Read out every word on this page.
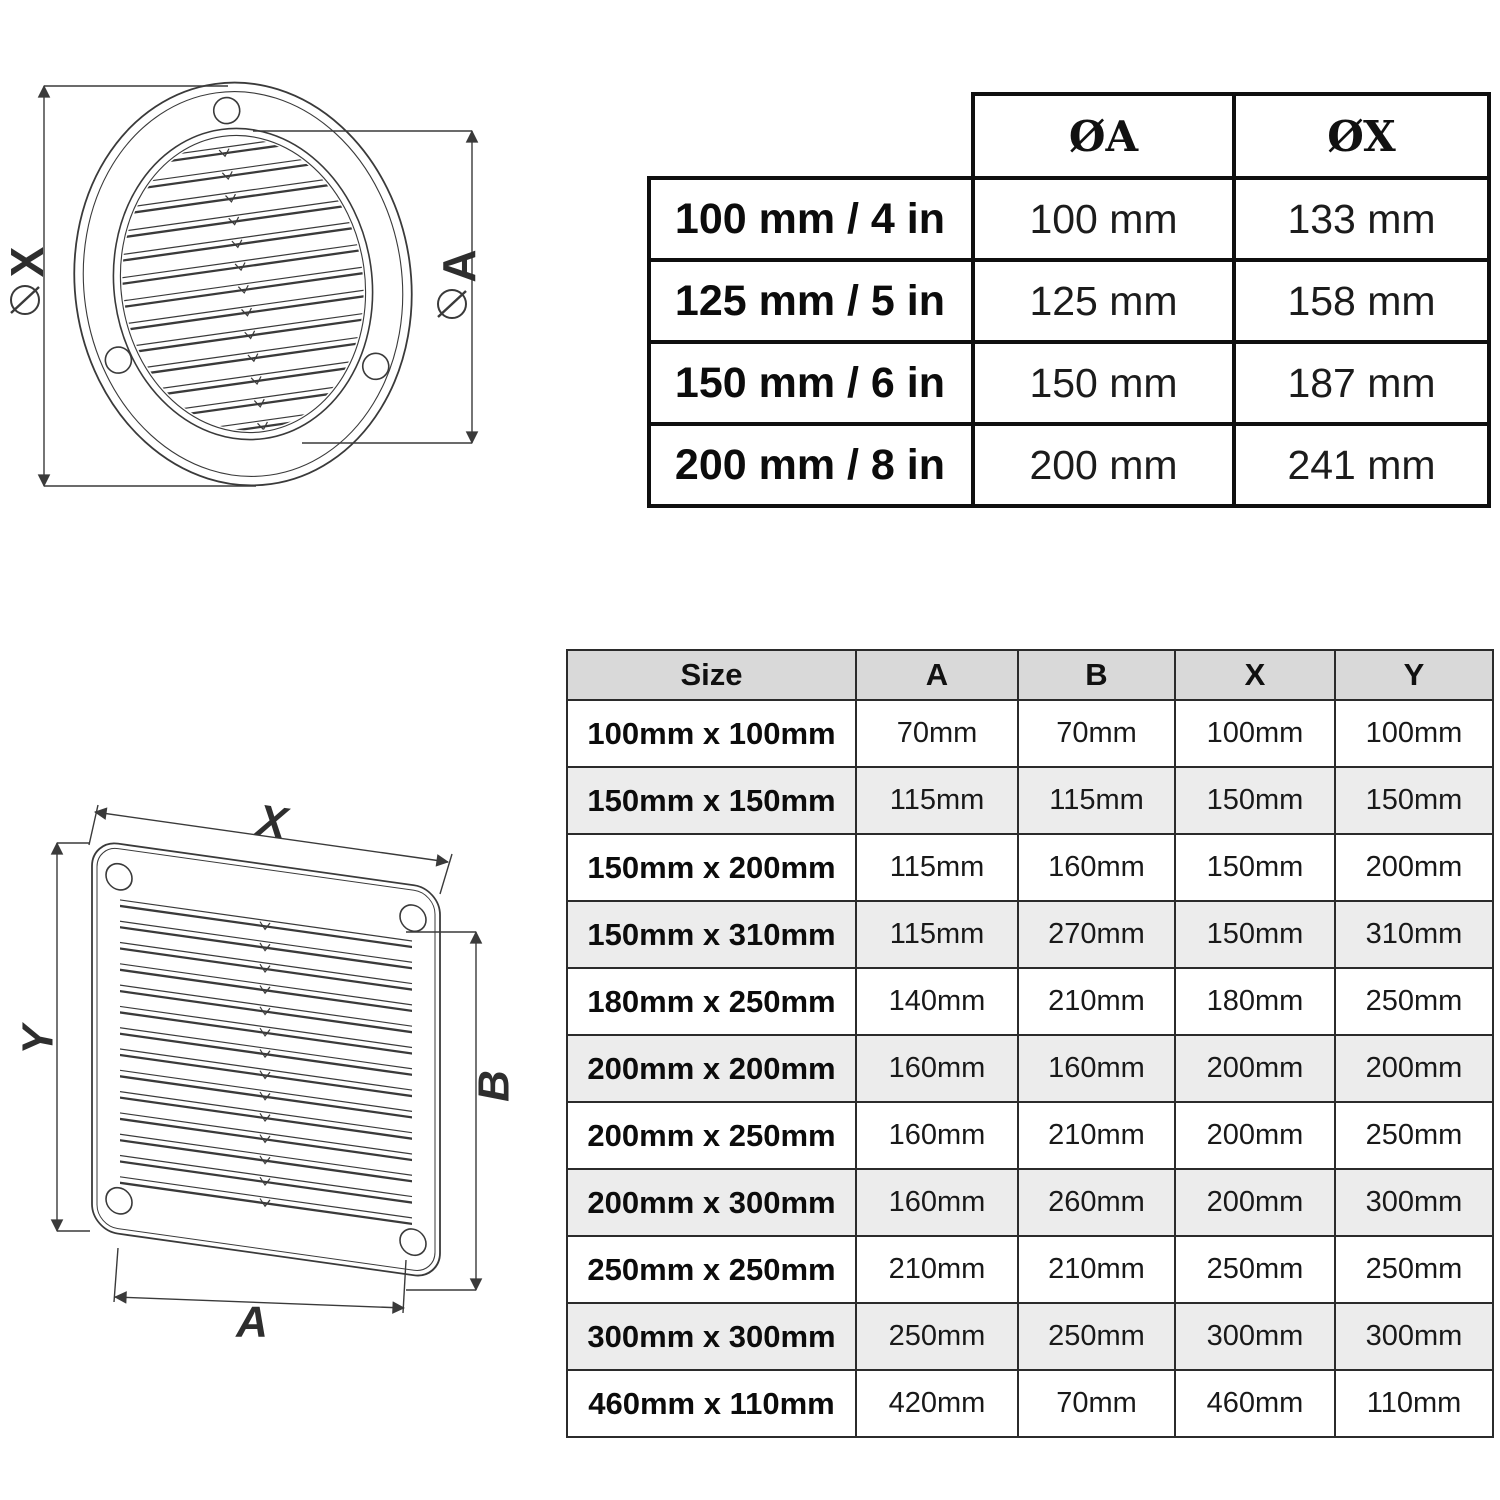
X	A
X
Y
B
A
	ØA	ØX
100 mm / 4 in	100 mm	133 mm
125 mm / 5 in	125 mm	158 mm
150 mm / 6 in	150 mm	187 mm
200 mm / 8 in	200 mm	241 mm
Size	A	B	X	Y
100mm x 100mm	70mm	70mm	100mm	100mm
150mm x 150mm	115mm	115mm	150mm	150mm
150mm x 200mm	115mm	160mm	150mm	200mm
150mm x 310mm	115mm	270mm	150mm	310mm
180mm x 250mm	140mm	210mm	180mm	250mm
200mm x 200mm	160mm	160mm	200mm	200mm
200mm x 250mm	160mm	210mm	200mm	250mm
200mm x 300mm	160mm	260mm	200mm	300mm
250mm x 250mm	210mm	210mm	250mm	250mm
300mm x 300mm	250mm	250mm	300mm	300mm
460mm x 110mm	420mm	70mm	460mm	110mm
